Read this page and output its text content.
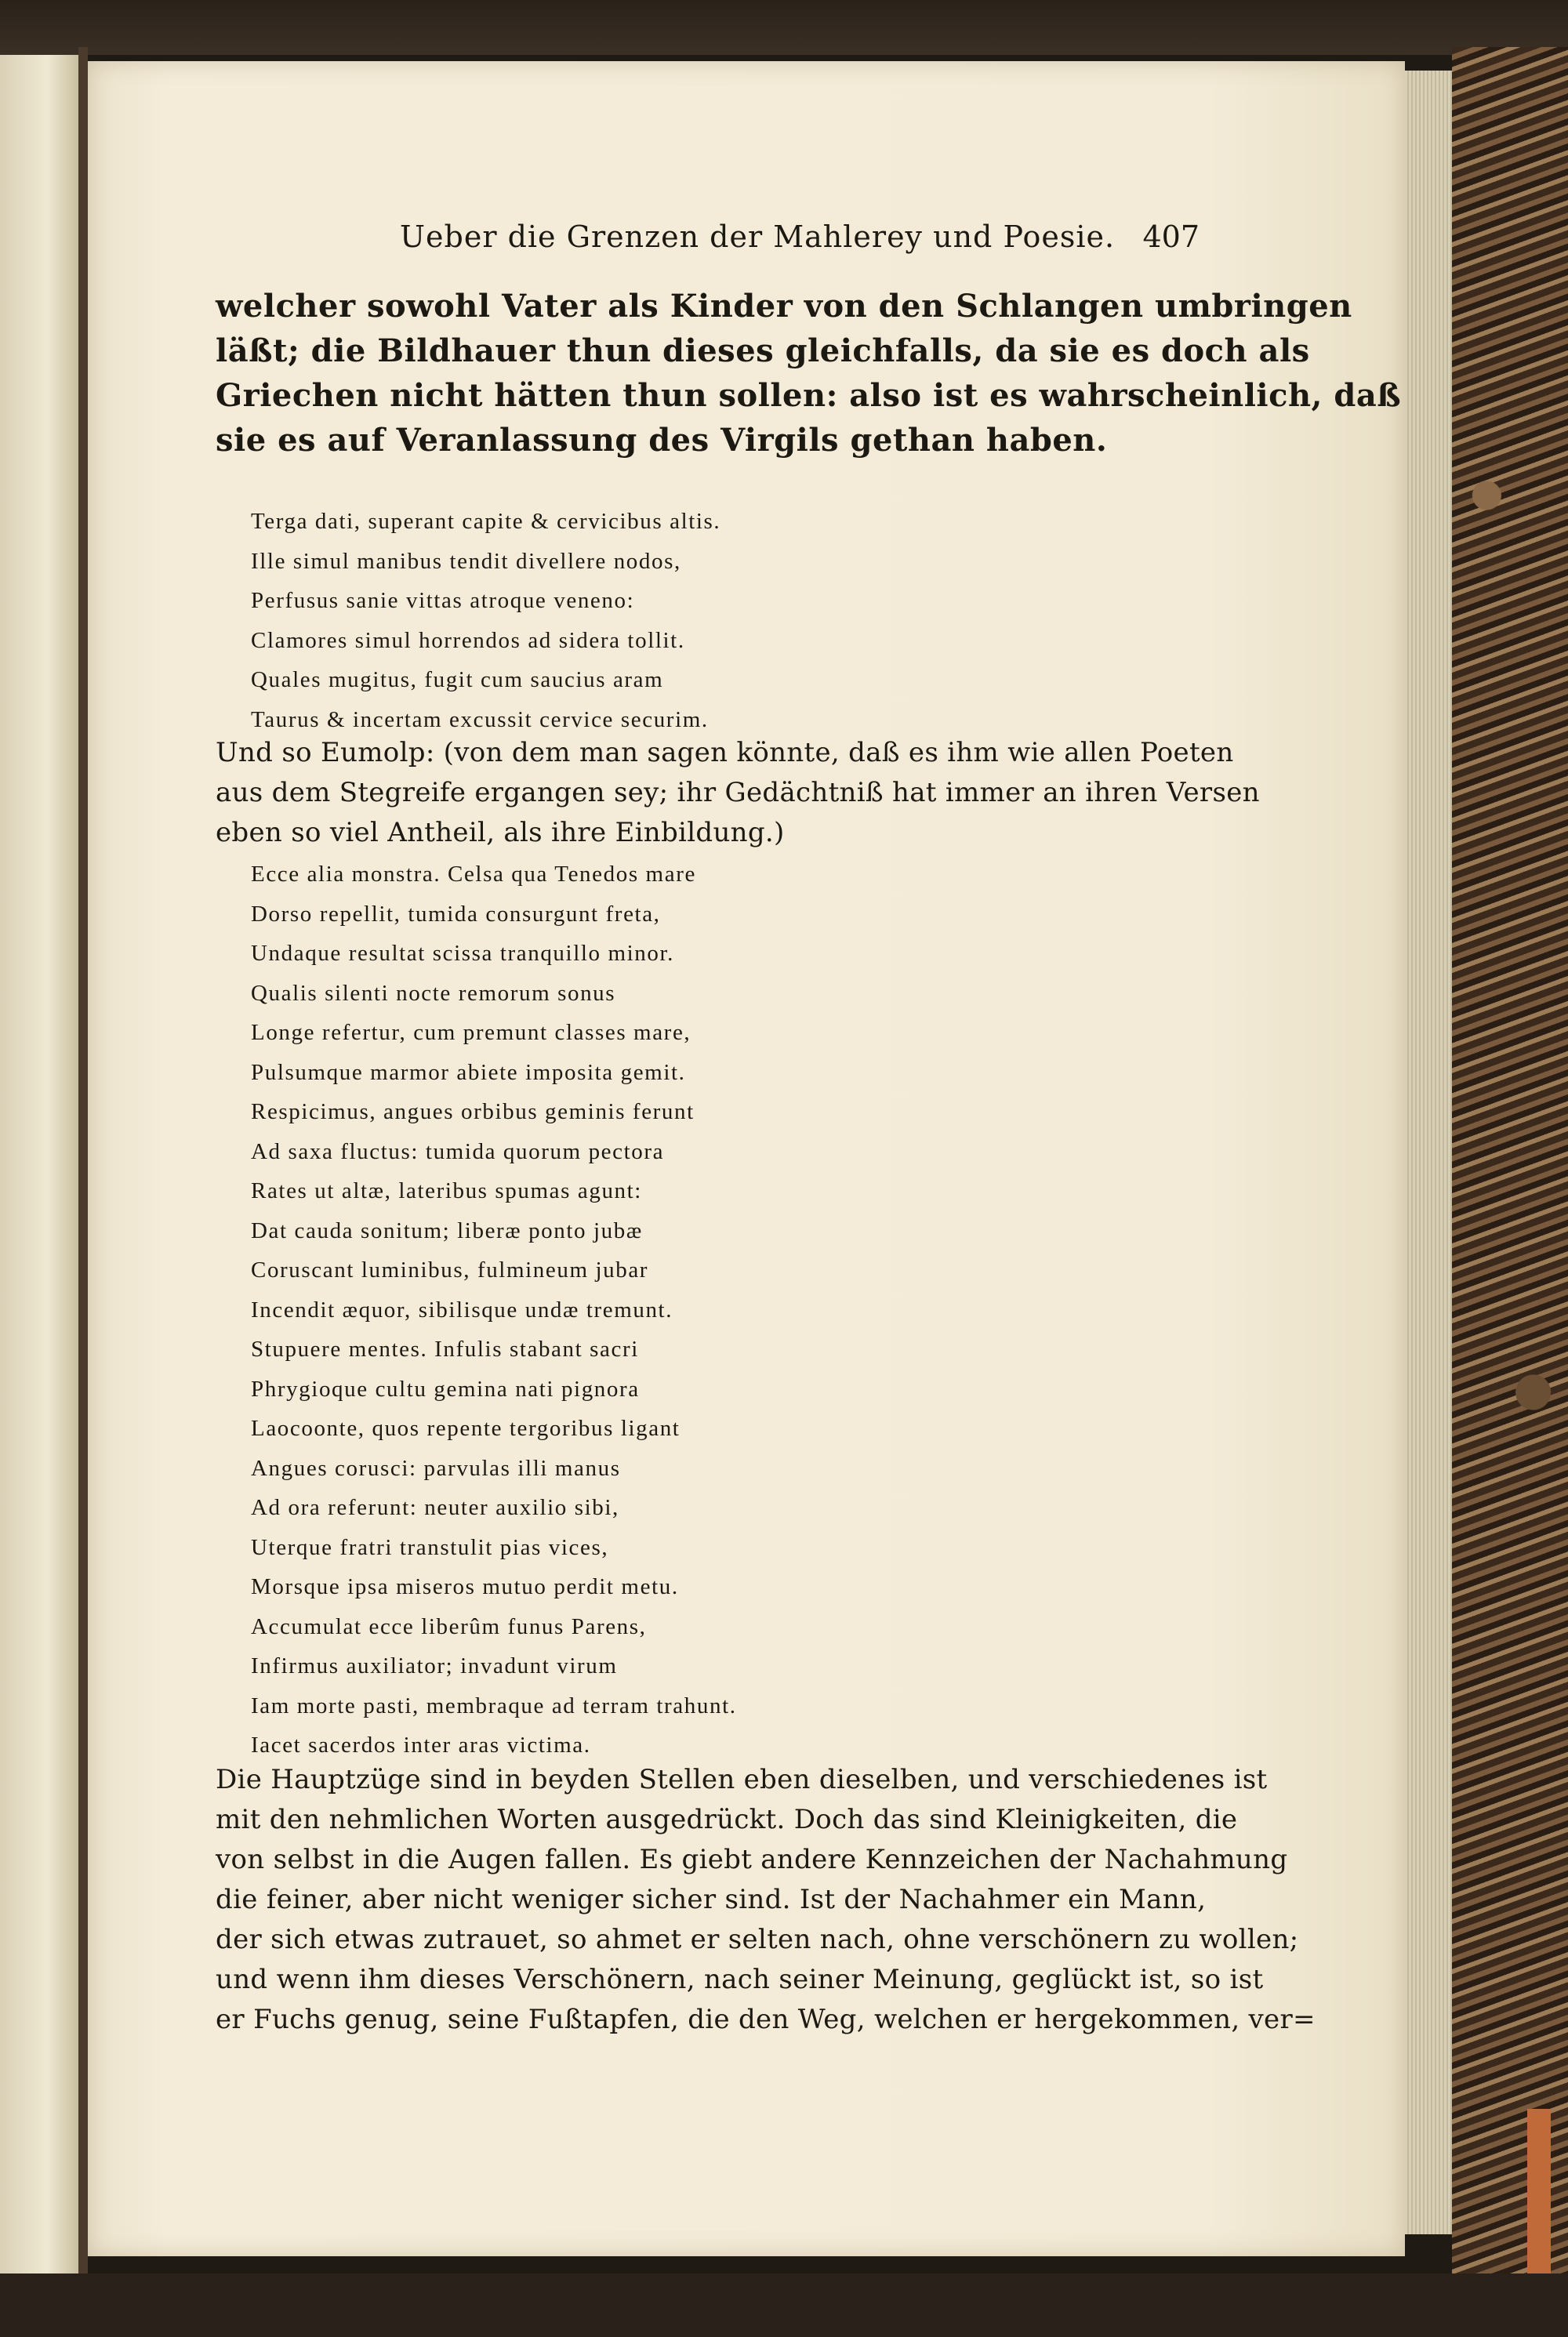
Ueber die Grenzen der Mahlerey und Poesie. 407
welcher sowohl Vater als Kinder von den Schlangen umbringen
läßt; die Bildhauer thun dieses gleichfalls, da sie es doch als
Griechen nicht hätten thun sollen: also ist es wahrscheinlich, daß
sie es auf Veranlassung des Virgils gethan haben.
Terga dati, superant capite & cervicibus altis.
Ille simul manibus tendit divellere nodos,
Perfusus sanie vittas atroque veneno:
Clamores simul horrendos ad sidera tollit.
Quales mugitus, fugit cum saucius aram
Taurus & incertam excussit cervice securim.
Und so Eumolp: (von dem man sagen könnte, daß es ihm wie allen Poeten
aus dem Stegreife ergangen sey; ihr Gedächtniß hat immer an ihren Versen
eben so viel Antheil, als ihre Einbildung.)
Ecce alia monstra. Celsa qua Tenedos mare
Dorso repellit, tumida consurgunt freta,
Undaque resultat scissa tranquillo minor.
Qualis silenti nocte remorum sonus
Longe refertur, cum premunt classes mare,
Pulsumque marmor abiete imposita gemit.
Respicimus, angues orbibus geminis ferunt
Ad saxa fluctus: tumida quorum pectora
Rates ut altæ, lateribus spumas agunt:
Dat cauda sonitum; liberæ ponto jubæ
Coruscant luminibus, fulmineum jubar
Incendit æquor, sibilisque undæ tremunt.
Stupuere mentes. Infulis stabant sacri
Phrygioque cultu gemina nati pignora
Laocoonte, quos repente tergoribus ligant
Angues corusci: parvulas illi manus
Ad ora referunt: neuter auxilio sibi,
Uterque fratri transtulit pias vices,
Morsque ipsa miseros mutuo perdit metu.
Accumulat ecce liberûm funus Parens,
Infirmus auxiliator; invadunt virum
Iam morte pasti, membraque ad terram trahunt.
Iacet sacerdos inter aras victima.
Die Hauptzüge sind in beyden Stellen eben dieselben, und verschiedenes ist
mit den nehmlichen Worten ausgedrückt. Doch das sind Kleinigkeiten, die
von selbst in die Augen fallen. Es giebt andere Kennzeichen der Nachahmung
die feiner, aber nicht weniger sicher sind. Ist der Nachahmer ein Mann,
der sich etwas zutrauet, so ahmet er selten nach, ohne verschönern zu wollen;
und wenn ihm dieses Verschönern, nach seiner Meinung, geglückt ist, so ist
er Fuchs genug, seine Fußtapfen, die den Weg, welchen er hergekommen, ver=
